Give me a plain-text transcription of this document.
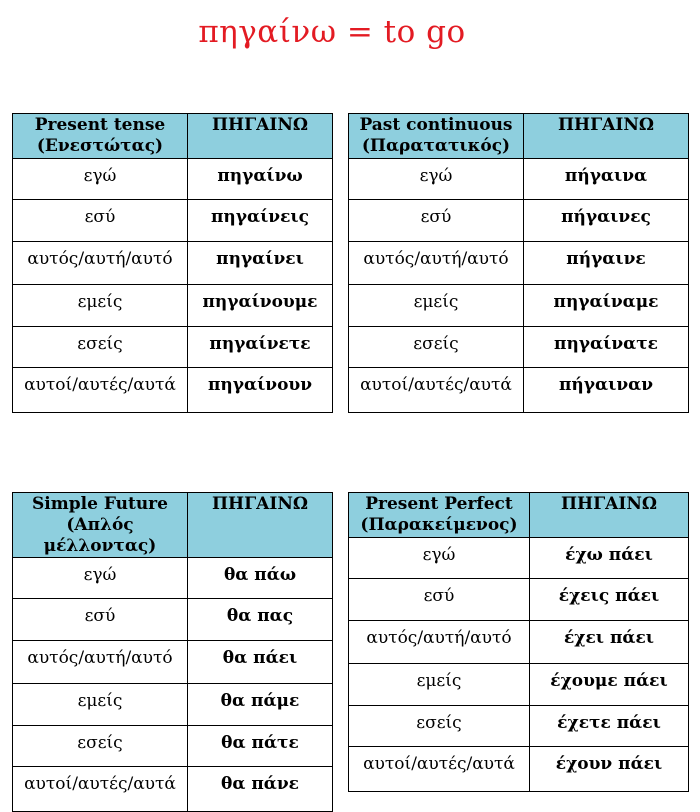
πηγαίνω = to go
Present tense
(Ενεστώτας)	ΠΗΓΑΙΝΩ
εγώ	πηγαίνω
εσύ	πηγαίνεις
αυτός/αυτή/αυτό	πηγαίνει
εμείς	πηγαίνουμε
εσείς	πηγαίνετε
αυτοί/αυτές/αυτά	πηγαίνουν
Past continuous
(Παρατατικός)	ΠΗΓΑΙΝΩ
εγώ	πήγαινα
εσύ	πήγαινες
αυτός/αυτή/αυτό	πήγαινε
εμείς	πηγαίναμε
εσείς	πηγαίνατε
αυτοί/αυτές/αυτά	πήγαιναν
Simple Future
(Απλός μέλλοντας)	ΠΗΓΑΙΝΩ
εγώ	θα πάω
εσύ	θα πας
αυτός/αυτή/αυτό	θα πάει
εμείς	θα πάμε
εσείς	θα πάτε
αυτοί/αυτές/αυτά	θα πάνε
Present Perfect
(Παρακείμενος)	ΠΗΓΑΙΝΩ
εγώ	έχω πάει
εσύ	έχεις πάει
αυτός/αυτή/αυτό	έχει πάει
εμείς	έχουμε πάει
εσείς	έχετε πάει
αυτοί/αυτές/αυτά	έχουν πάει
